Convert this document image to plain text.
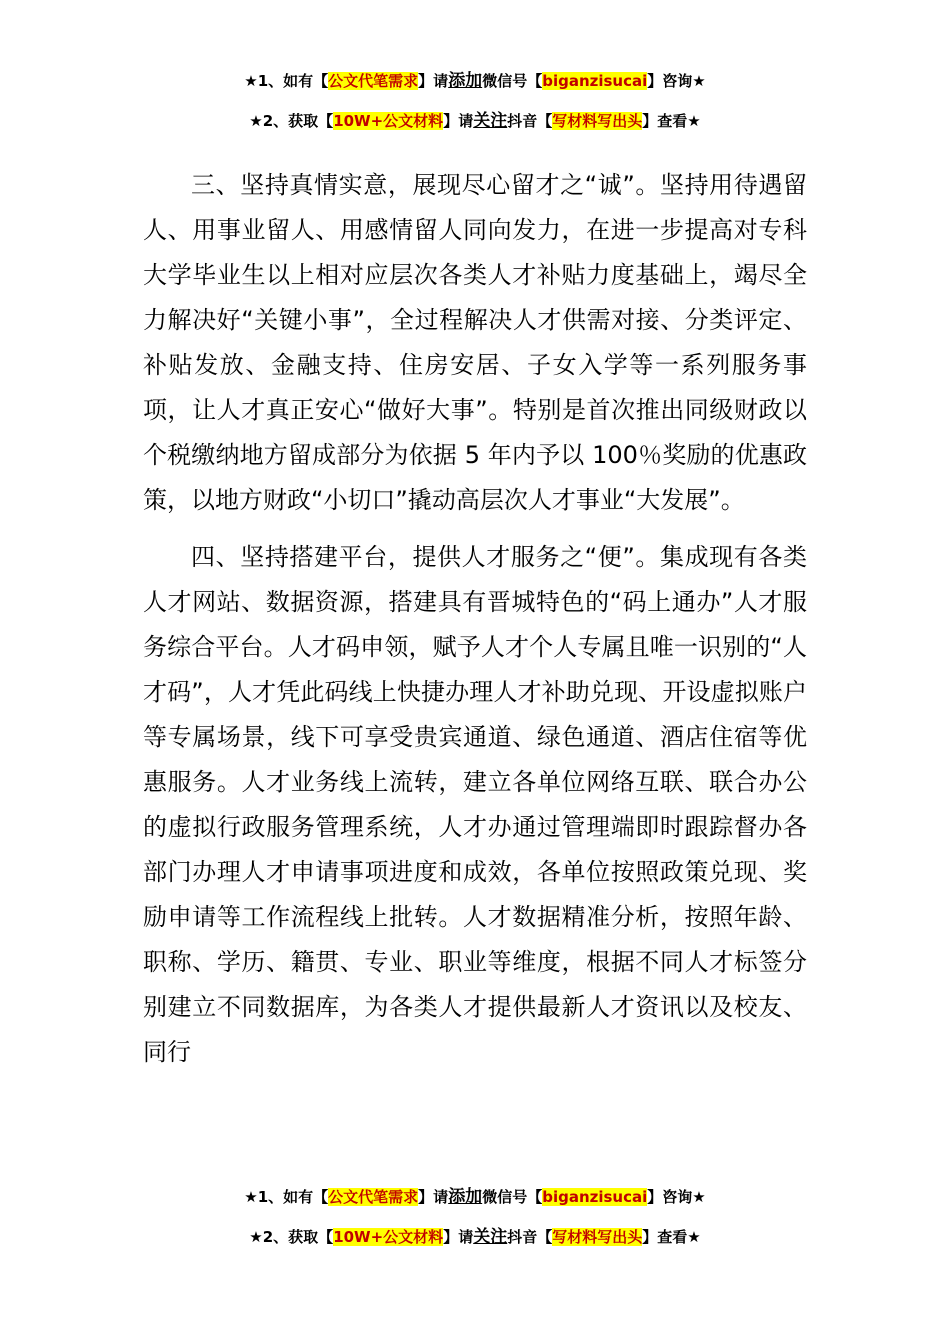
★1、如有【公文代笔需求】请添加微信号【biganzisucai】咨询★
★2、获取【10W+公文材料】请关注抖音【写材料写出头】查看★

三、坚持真情实意，展现尽心留才之“诚”。坚持用待遇留人、用事业留人、用感情留人同向发力，在进一步提高对专科大学毕业生以上相对应层次各类人才补贴力度基础上，竭尽全力解决好“关键小事”，全过程解决人才供需对接、分类评定、补贴发放、金融支持、住房安居、子女入学等一系列服务事项，让人才真正安心“做好大事”。特别是首次推出同级财政以个税缴纳地方留成部分为依据 5 年内予以 100％奖励的优惠政策，以地方财政“小切口”撬动高层次人才事业“大发展”。

四、坚持搭建平台，提供人才服务之“便”。集成现有各类人才网站、数据资源，搭建具有晋城特色的“码上通办”人才服务综合平台。人才码申领，赋予人才个人专属且唯一识别的“人才码”，人才凭此码线上快捷办理人才补助兑现、开设虚拟账户等专属场景，线下可享受贵宾通道、绿色通道、酒店住宿等优惠服务。人才业务线上流转，建立各单位网络互联、联合办公的虚拟行政服务管理系统，人才办通过管理端即时跟踪督办各部门办理人才申请事项进度和成效，各单位按照政策兑现、奖励申请等工作流程线上批转。人才数据精准分析，按照年龄、职称、学历、籍贯、专业、职业等维度，根据不同人才标签分别建立不同数据库，为各类人才提供最新人才资讯以及校友、同行

★1、如有【公文代笔需求】请添加微信号【biganzisucai】咨询★
★2、获取【10W+公文材料】请关注抖音【写材料写出头】查看★
